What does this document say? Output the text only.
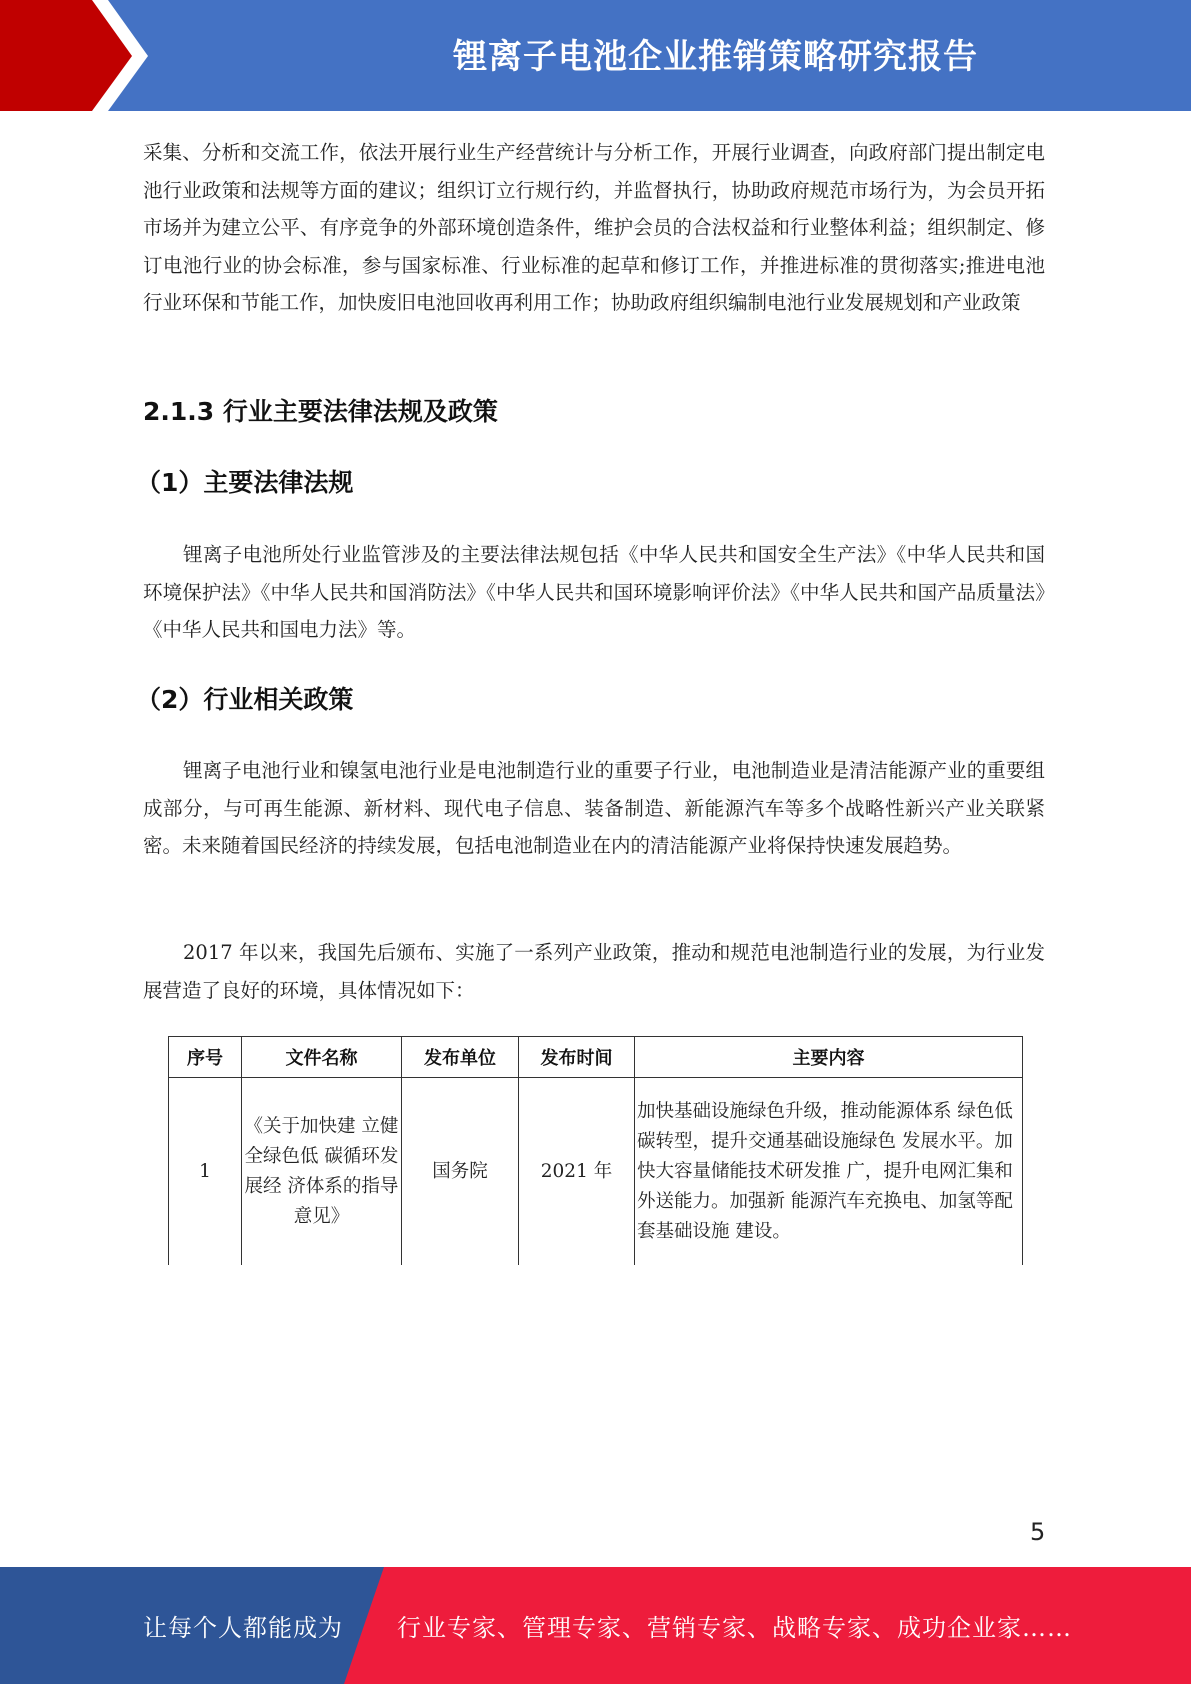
锂离子电池企业推销策略研究报告

采集、分析和交流工作，依法开展行业生产经营统计与分析工作，开展行业调查，向政府部门提出制定电池行业政策和法规等方面的建议；组织订立行规行约，并监督执行，协助政府规范市场行为，为会员开拓市场并为建立公平、有序竞争的外部环境创造条件，维护会员的合法权益和行业整体利益；组织制定、修订电池行业的协会标准，参与国家标准、行业标准的起草和修订工作，并推进标准的贯彻落实;推进电池行业环保和节能工作，加快废旧电池回收再利用工作；协助政府组织编制电池行业发展规划和产业政策

2.1.3 行业主要法律法规及政策
（1）主要法律法规

锂离子电池所处行业监管涉及的主要法律法规包括《中华人民共和国安全生产法》《中华人民共和国环境保护法》《中华人民共和国消防法》《中华人民共和国环境影响评价法》《中华人民共和国产品质量法》《中华人民共和国电力法》等。

（2）行业相关政策

锂离子电池行业和镍氢电池行业是电池制造行业的重要子行业，电池制造业是清洁能源产业的重要组成部分，与可再生能源、新材料、现代电子信息、装备制造、新能源汽车等多个战略性新兴产业关联紧密。未来随着国民经济的持续发展，包括电池制造业在内的清洁能源产业将保持快速发展趋势。

2017 年以来，我国先后颁布、实施了一系列产业政策，推动和规范电池制造行业的发展，为行业发展营造了良好的环境，具体情况如下：

序号	文件名称	发布单位	发布时间	主要内容
1	《关于加快建 立健全绿色低 碳循环发展经 济体系的指导 意见》	国务院	2021 年	加快基础设施绿色升级，推动能源体系 绿色低碳转型，提升交通基础设施绿色 发展水平。加快大容量储能技术研发推 广，提升电网汇集和外送能力。加强新 能源汽车充换电、加氢等配套基础设施 建设。
5
让每个人都能成为 行业专家、管理专家、营销专家、战略专家、成功企业家……
